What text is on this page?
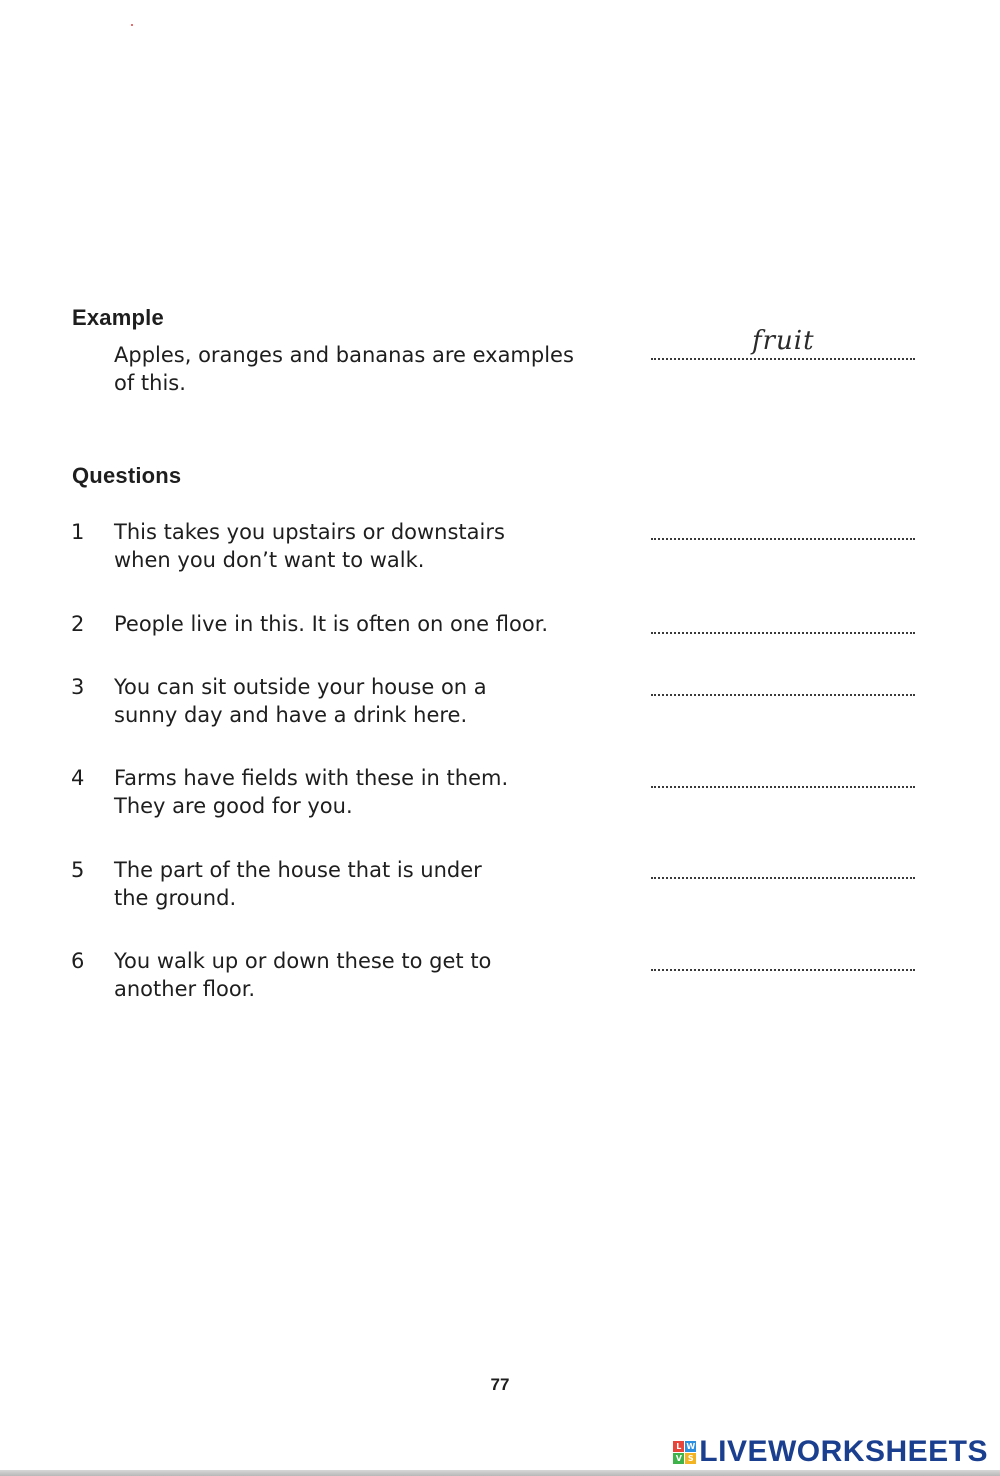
Example
Apples, oranges and bananas are examples
of this.
fruit
Questions
1 This takes you upstairs or downstairs
when you don’t want to walk.
2 People live in this. It is often on one floor.
3 You can sit outside your house on a
sunny day and have a drink here.
4 Farms have fields with these in them.
They are good for you.
5 The part of the house that is under
the ground.
6 You walk up or down these to get to
another floor.
77
L W
V S LIVEWORKSHEETS
